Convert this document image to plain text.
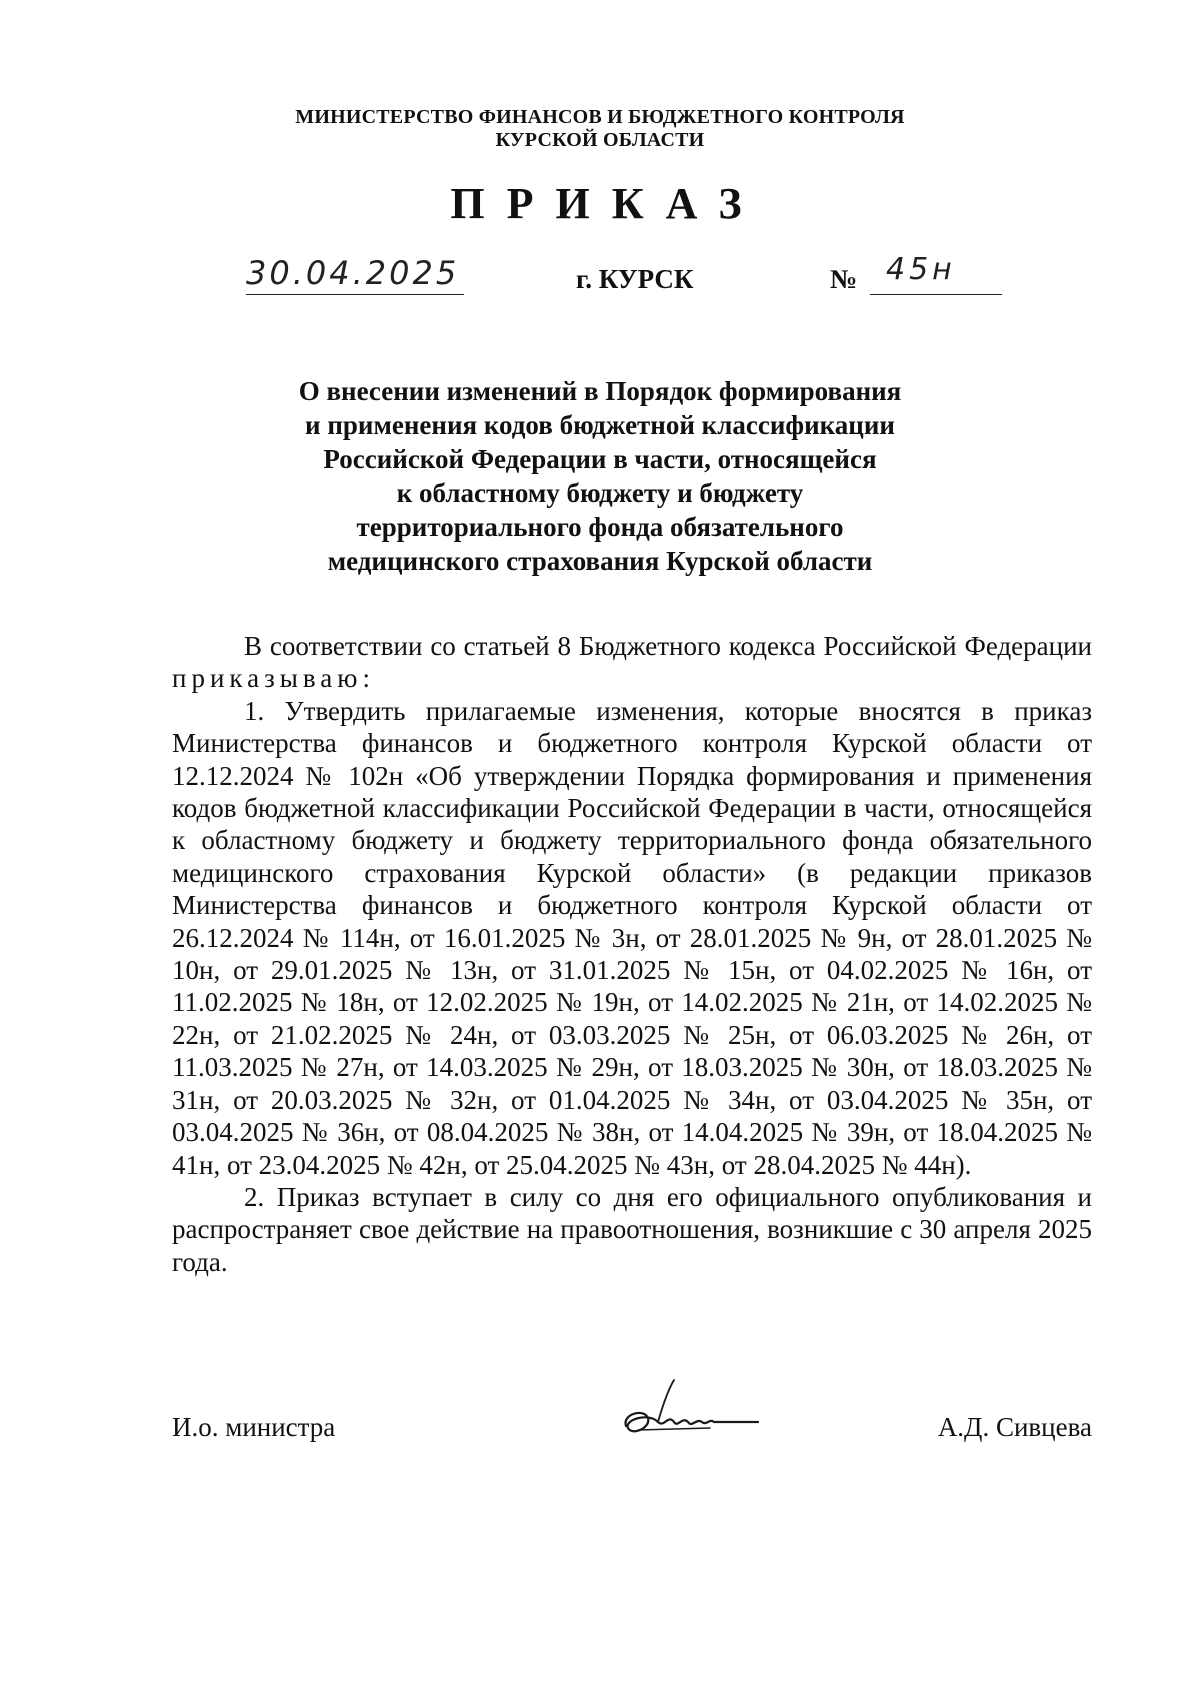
МИНИСТЕРСТВО ФИНАНСОВ И БЮДЖЕТНОГО КОНТРОЛЯ
КУРСКОЙ ОБЛАСТИ
ПРИКАЗ
30.04.2025	г. КУРСК	№ 45н
О внесении изменений в Порядок формирования
и применения кодов бюджетной классификации
Российской Федерации в части, относящейся
к областному бюджету и бюджету
территориального фонда обязательного
медицинского страхования Курской области

В соответствии со статьей 8 Бюджетного кодекса Российской Федерации приказываю:

1. Утвердить прилагаемые изменения, которые вносятся в приказ Министерства финансов и бюджетного контроля Курской области от 12.12.2024 № 102н «Об утверждении Порядка формирования и применения кодов бюджетной классификации Российской Федерации в части, относящейся к областному бюджету и бюджету территориального фонда обязательного медицинского страхования Курской области» (в редакции приказов Министерства финансов и бюджетного контроля Курской области от 26.12.2024 № 114н, от 16.01.2025 № 3н, от 28.01.2025 № 9н, от 28.01.2025 № 10н, от 29.01.2025 № 13н, от 31.01.2025 № 15н, от 04.02.2025 № 16н, от 11.02.2025 № 18н, от 12.02.2025 № 19н, от 14.02.2025 № 21н, от 14.02.2025 № 22н, от 21.02.2025 № 24н, от 03.03.2025 № 25н, от 06.03.2025 № 26н, от 11.03.2025 № 27н, от 14.03.2025 № 29н, от 18.03.2025 № 30н, от 18.03.2025 № 31н, от 20.03.2025 № 32н, от 01.04.2025 № 34н, от 03.04.2025 № 35н, от 03.04.2025 № 36н, от 08.04.2025 № 38н, от 14.04.2025 № 39н, от 18.04.2025 № 41н, от 23.04.2025 № 42н, от 25.04.2025 № 43н, от 28.04.2025 № 44н).

2. Приказ вступает в силу со дня его официального опубликования и распространяет свое действие на правоотношения, возникшие с 30 апреля 2025 года.

И.о. министра	А.Д. Сивцева
